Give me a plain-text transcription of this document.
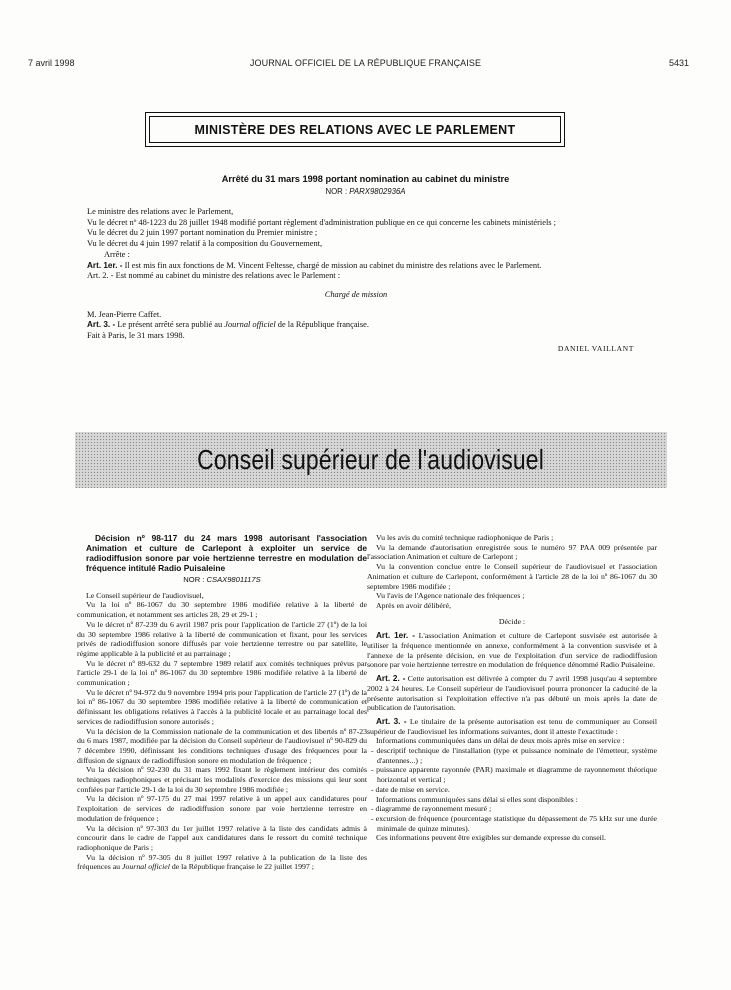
7 avril 1998	JOURNAL OFFICIEL DE LA RÉPUBLIQUE FRANÇAISE	5431
MINISTÈRE DES RELATIONS AVEC LE PARLEMENT
Arrêté du 31 mars 1998 portant nomination au cabinet du ministre
NOR : PARX9802936A

Le ministre des relations avec le Parlement,

Vu le décret nº 48-1223 du 28 juillet 1948 modifié portant règlement d'administration publique en ce qui concerne les cabinets ministériels ;

Vu le décret du 2 juin 1997 portant nomination du Premier ministre ;

Vu le décret du 4 juin 1997 relatif à la composition du Gouvernement,

Arrête :

Art. 1er. - Il est mis fin aux fonctions de M. Vincent Feltesse, chargé de mission au cabinet du ministre des relations avec le Parlement.

Art. 2. - Est nommé au cabinet du ministre des relations avec le Parlement :

Chargé de mission

M. Jean-Pierre Caffet.

Art. 3. - Le présent arrêté sera publié au Journal officiel de la République française.

Fait à Paris, le 31 mars 1998.

DANIEL VAILLANT

Conseil supérieur de l'audiovisuel

Décision nº 98-117 du 24 mars 1998 autorisant l'association Animation et culture de Carlepont à exploiter un service de radiodiffusion sonore par voie hertzienne terrestre en modulation de fréquence intitulé Radio Puisaleine

NOR : CSAX9801117S

Le Conseil supérieur de l'audiovisuel,

Vu la loi nº 86-1067 du 30 septembre 1986 modifiée relative à la liberté de communication, et notamment ses articles 28, 29 et 29-1 ;

Vu le décret nº 87-239 du 6 avril 1987 pris pour l'application de l'article 27 (1º) de la loi du 30 septembre 1986 relative à la liberté de communication et fixant, pour les services privés de radiodiffusion sonore diffusés par voie hertzienne terrestre ou par satellite, le régime applicable à la publicité et au parrainage ;

Vu le décret nº 89-632 du 7 septembre 1989 relatif aux comités techniques prévus par l'article 29-1 de la loi nº 86-1067 du 30 septembre 1986 modifiée relative à la liberté de communication ;

Vu le décret nº 94-972 du 9 novembre 1994 pris pour l'application de l'article 27 (1º) de la loi nº 86-1067 du 30 septembre 1986 modifiée relative à la liberté de communication et définissant les obligations relatives à l'accès à la publicité locale et au parrainage local des services de radiodiffusion sonore autorisés ;

Vu la décision de la Commission nationale de la communication et des libertés nº 87-23 du 6 mars 1987, modifiée par la décision du Conseil supérieur de l'audiovisuel nº 90-829 du 7 décembre 1990, définissant les conditions techniques d'usage des fréquences pour la diffusion de signaux de radiodiffusion sonore en modulation de fréquence ;

Vu la décision nº 92-230 du 31 mars 1992 fixant le règlement intérieur des comités techniques radiophoniques et précisant les modalités d'exercice des missions qui leur sont confiées par l'article 29-1 de la loi du 30 septembre 1986 modifiée ;

Vu la décision nº 97-175 du 27 mai 1997 relative à un appel aux candidatures pour l'exploitation de services de radiodiffusion sonore par voie hertzienne terrestre en modulation de fréquence ;

Vu la décision nº 97-303 du 1er juillet 1997 relative à la liste des candidats admis à concourir dans le cadre de l'appel aux candidatures dans le ressort du comité technique radiophonique de Paris ;

Vu la décision nº 97-305 du 8 juillet 1997 relative à la publication de la liste des fréquences au Journal officiel de la République française le 22 juillet 1997 ;

Vu les avis du comité technique radiophonique de Paris ;

Vu la demande d'autorisation enregistrée sous le numéro 97 PAA 009 présentée par l'association Animation et culture de Carlepont ;

Vu la convention conclue entre le Conseil supérieur de l'audiovisuel et l'association Animation et culture de Carlepont, conformément à l'article 28 de la loi nº 86-1067 du 30 septembre 1986 modifiée ;

Vu l'avis de l'Agence nationale des fréquences ;

Après en avoir délibéré,

Décide :

Art. 1er. - L'association Animation et culture de Carlepont susvisée est autorisée à utiliser la fréquence mentionnée en annexe, conformément à la convention susvisée et à l'annexe de la présente décision, en vue de l'exploitation d'un service de radiodiffusion sonore par voie hertzienne terrestre en modulation de fréquence dénommé Radio Puisaleine.

Art. 2. - Cette autorisation est délivrée à compter du 7 avril 1998 jusqu'au 4 septembre 2002 à 24 heures. Le Conseil supérieur de l'audiovisuel pourra prononcer la caducité de la présente autorisation si l'exploitation effective n'a pas débuté un mois après la date de publication de l'autorisation.

Art. 3. - Le titulaire de la présente autorisation est tenu de communiquer au Conseil supérieur de l'audiovisuel les informations suivantes, dont il atteste l'exactitude :

Informations communiquées dans un délai de deux mois après mise en service :

- descriptif technique de l'installation (type et puissance nominale de l'émetteur, système d'antennes...) ;

- puissance apparente rayonnée (PAR) maximale et diagramme de rayonnement théorique horizontal et vertical ;

- date de mise en service.

Informations communiquées sans délai si elles sont disponibles :

- diagramme de rayonnement mesuré ;

- excursion de fréquence (pourcentage statistique du dépassement de 75 kHz sur une durée minimale de quinze minutes).

Ces informations peuvent être exigibles sur demande expresse du conseil.
